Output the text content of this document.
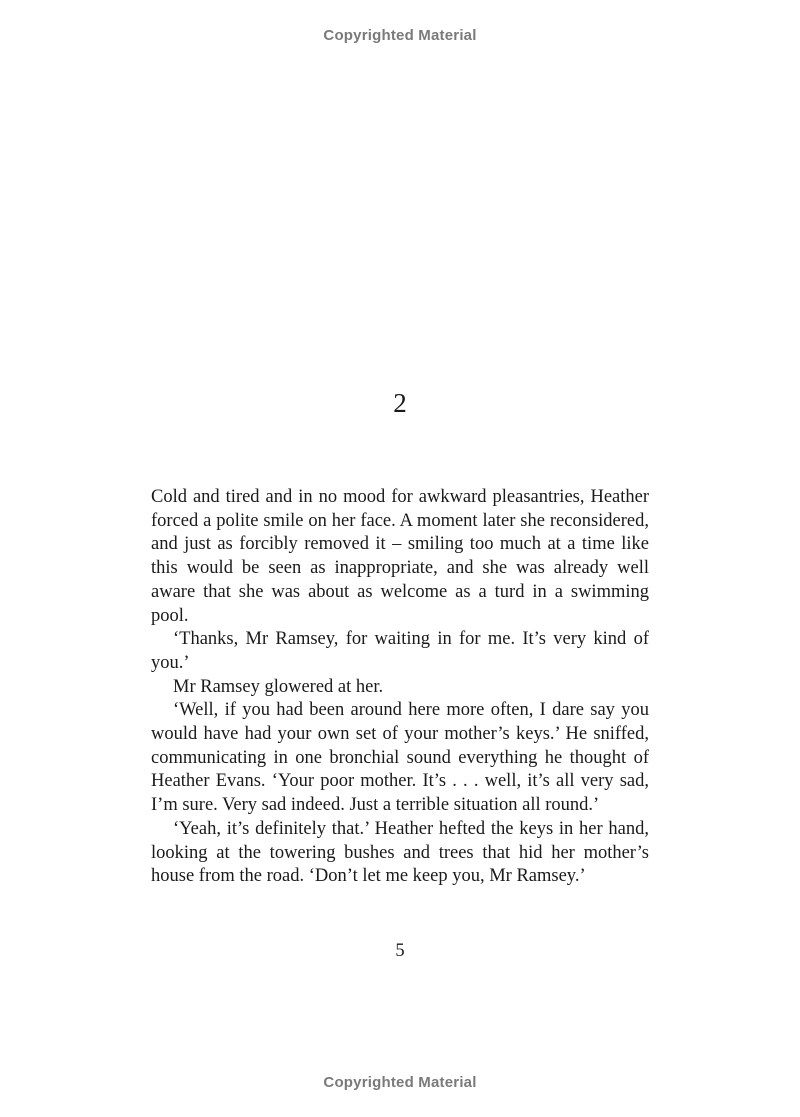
Copyrighted Material
2

Cold and tired and in no mood for awkward pleasantries, Heather forced a polite smile on her face. A moment later she reconsidered, and just as forcibly removed it – smiling too much at a time like this would be seen as inappropriate, and she was already well aware that she was about as welcome as a turd in a swimming pool.

‘Thanks, Mr Ramsey, for waiting in for me. It’s very kind of you.’

Mr Ramsey glowered at her.

‘Well, if you had been around here more often, I dare say you would have had your own set of your mother’s keys.’ He sniffed, communicating in one bronchial sound everything he thought of Heather Evans. ‘Your poor mother. It’s . . . well, it’s all very sad, I’m sure. Very sad indeed. Just a terrible situation all round.’

‘Yeah, it’s definitely that.’ Heather hefted the keys in her hand, looking at the towering bushes and trees that hid her mother’s house from the road. ‘Don’t let me keep you, Mr Ramsey.’

5
Copyrighted Material
